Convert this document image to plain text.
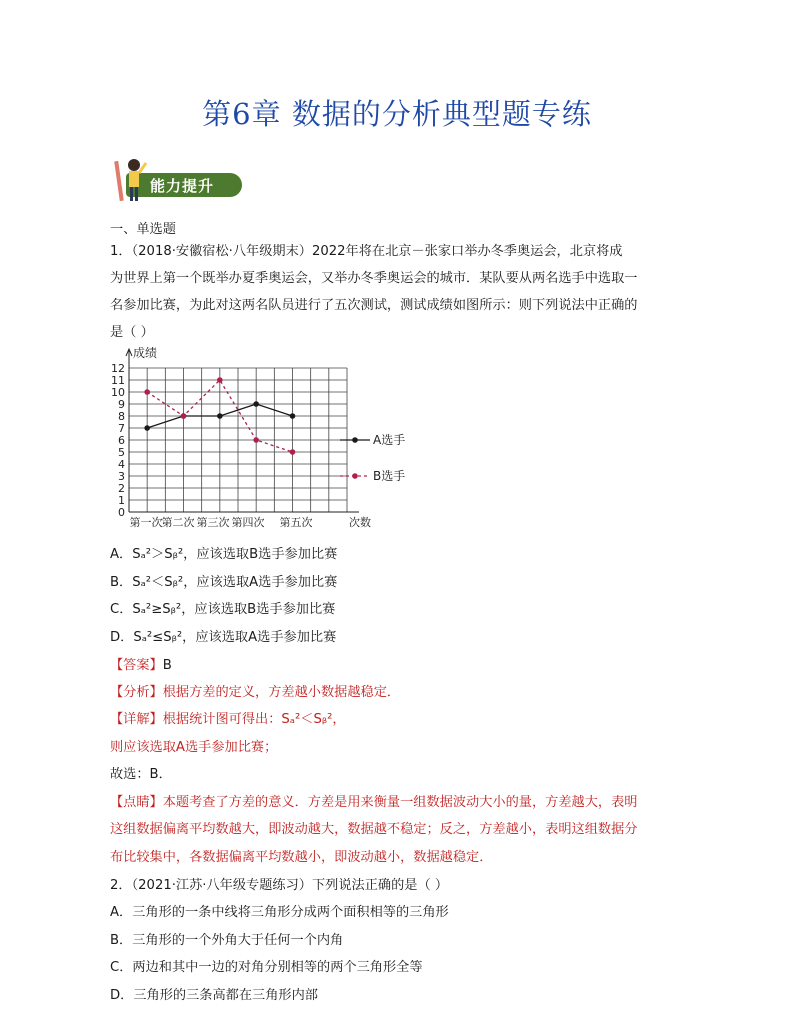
第6章 数据的分析典型题专练
能力提升
一、单选题
1．（2018·安徽宿松·八年级期末）2022年将在北京－张家口举办冬季奥运会，北京将成
为世界上第一个既举办夏季奥运会，又举办冬季奥运会的城市．某队要从两名选手中选取一
名参加比赛，为此对这两名队员进行了五次测试，测试成绩如图所示：则下列说法中正确的
是（ ）
0
1
2
3
4
5
6
7
8
9
10
11
12
成绩
第一次 第二次 第三次 第四次 第五次	次数
A选手
B选手
A．Sₐ²＞Sᵦ²，应该选取B选手参加比赛
B．Sₐ²＜Sᵦ²，应该选取A选手参加比赛
C．Sₐ²≥Sᵦ²，应该选取B选手参加比赛
D．Sₐ²≤Sᵦ²，应该选取A选手参加比赛
【答案】B
【分析】根据方差的定义，方差越小数据越稳定．
【详解】根据统计图可得出：Sₐ²＜Sᵦ²，
则应该选取A选手参加比赛；
故选：B．
【点睛】本题考查了方差的意义．方差是用来衡量一组数据波动大小的量，方差越大，表明
这组数据偏离平均数越大，即波动越大，数据越不稳定；反之，方差越小，表明这组数据分
布比较集中，各数据偏离平均数越小，即波动越小，数据越稳定．
2．（2021·江苏·八年级专题练习）下列说法正确的是（ ）
A．三角形的一条中线将三角形分成两个面积相等的三角形
B．三角形的一个外角大于任何一个内角
C．两边和其中一边的对角分别相等的两个三角形全等
D．三角形的三条高都在三角形内部
